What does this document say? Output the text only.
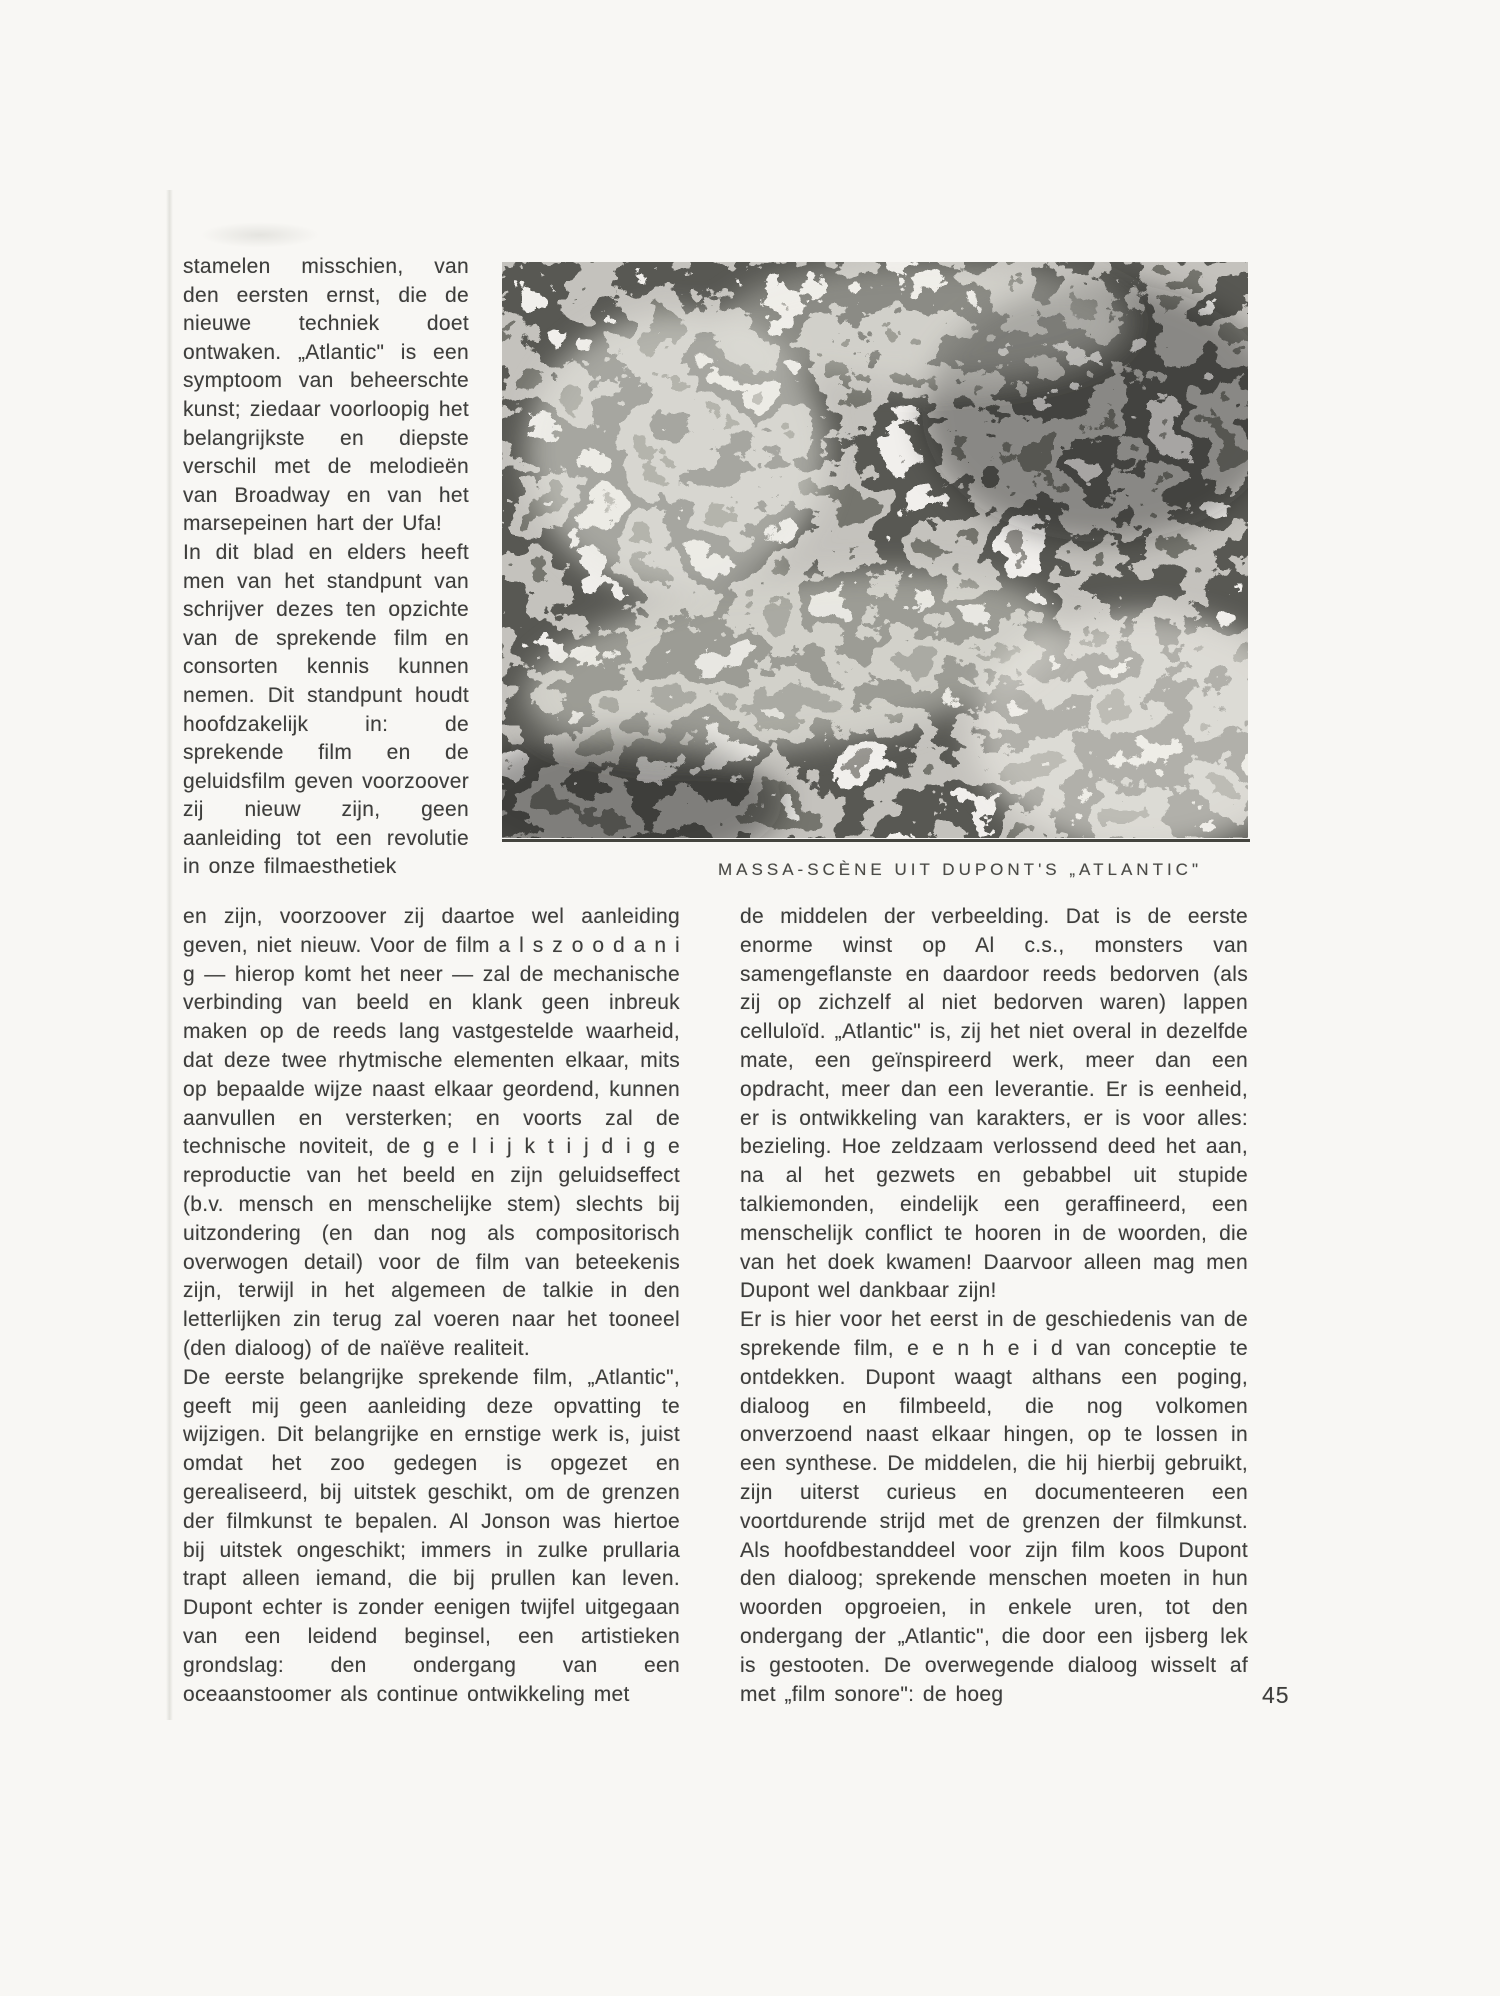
stamelen misschien, van den eersten ernst, die de nieuwe techniek doet ontwaken. „Atlantic" is een symptoom van beheerschte kunst; ziedaar voorloopig het belangrijkste en diepste verschil met de melodieën van Broadway en van het marsepeinen hart der Ufa!

In dit blad en elders heeft men van het standpunt van schrijver dezes ten opzichte van de sprekende film en consorten kennis kunnen nemen. Dit standpunt houdt hoofdzakelijk in: de sprekende film en de geluidsfilm geven voorzoover zij nieuw zijn, geen aanleiding tot een revolutie in onze filmaesthetiek	MASSA-SCÈNE UIT DUPONT'S „ATLANTIC"

en zijn, voorzoover zij daartoe wel aanleiding geven, niet nieuw. Voor de film a l s z o o d a n i g — hierop komt het neer — zal de mechanische verbinding van beeld en klank geen inbreuk maken op de reeds lang vastgestelde waarheid, dat deze twee rhytmische elementen elkaar, mits op bepaalde wijze naast elkaar geordend, kunnen aanvullen en versterken; en voorts zal de technische noviteit, de g e l i j k t i j d i g e reproductie van het beeld en zijn geluidseffect (b.v. mensch en menschelijke stem) slechts bij uitzondering (en dan nog als compositorisch overwogen detail) voor de film van beteekenis zijn, terwijl in het algemeen de talkie in den letterlijken zin terug zal voeren naar het tooneel (den dialoog) of de naïëve realiteit.

De eerste belangrijke sprekende film, „Atlantic", geeft mij geen aanleiding deze opvatting te wijzigen. Dit belangrijke en ernstige werk is, juist omdat het zoo gedegen is opgezet en gerealiseerd, bij uitstek geschikt, om de grenzen der filmkunst te bepalen. Al Jonson was hiertoe bij uitstek ongeschikt; immers in zulke prullaria trapt alleen iemand, die bij prullen kan leven. Dupont echter is zonder eenigen twijfel uitgegaan van een leidend beginsel, een artistieken grondslag: den ondergang van een oceaanstoomer als continue ontwikkeling met

de middelen der verbeelding. Dat is de eerste enorme winst op Al c.s., monsters van samengeflanste en daardoor reeds bedorven (als zij op zichzelf al niet bedorven waren) lappen celluloïd. „Atlantic" is, zij het niet overal in dezelfde mate, een geïnspireerd werk, meer dan een opdracht, meer dan een leverantie. Er is eenheid, er is ontwikkeling van karakters, er is voor alles: bezieling. Hoe zeldzaam verlossend deed het aan, na al het gezwets en gebabbel uit stupide talkiemonden, eindelijk een geraffineerd, een menschelijk conflict te hooren in de woorden, die van het doek kwamen! Daarvoor alleen mag men Dupont wel dankbaar zijn!

Er is hier voor het eerst in de geschiedenis van de sprekende film, e e n h e i d van conceptie te ontdekken. Dupont waagt althans een poging, dialoog en filmbeeld, die nog volkomen onverzoend naast elkaar hingen, op te lossen in een synthese. De middelen, die hij hierbij gebruikt, zijn uiterst curieus en documenteeren een voortdurende strijd met de grenzen der filmkunst. Als hoofdbestanddeel voor zijn film koos Dupont den dialoog; sprekende menschen moeten in hun woorden opgroeien, in enkele uren, tot den ondergang der „Atlantic", die door een ijsberg lek is gestooten. De overwegende dialoog wisselt af met „film sonore": de hoeg	45
